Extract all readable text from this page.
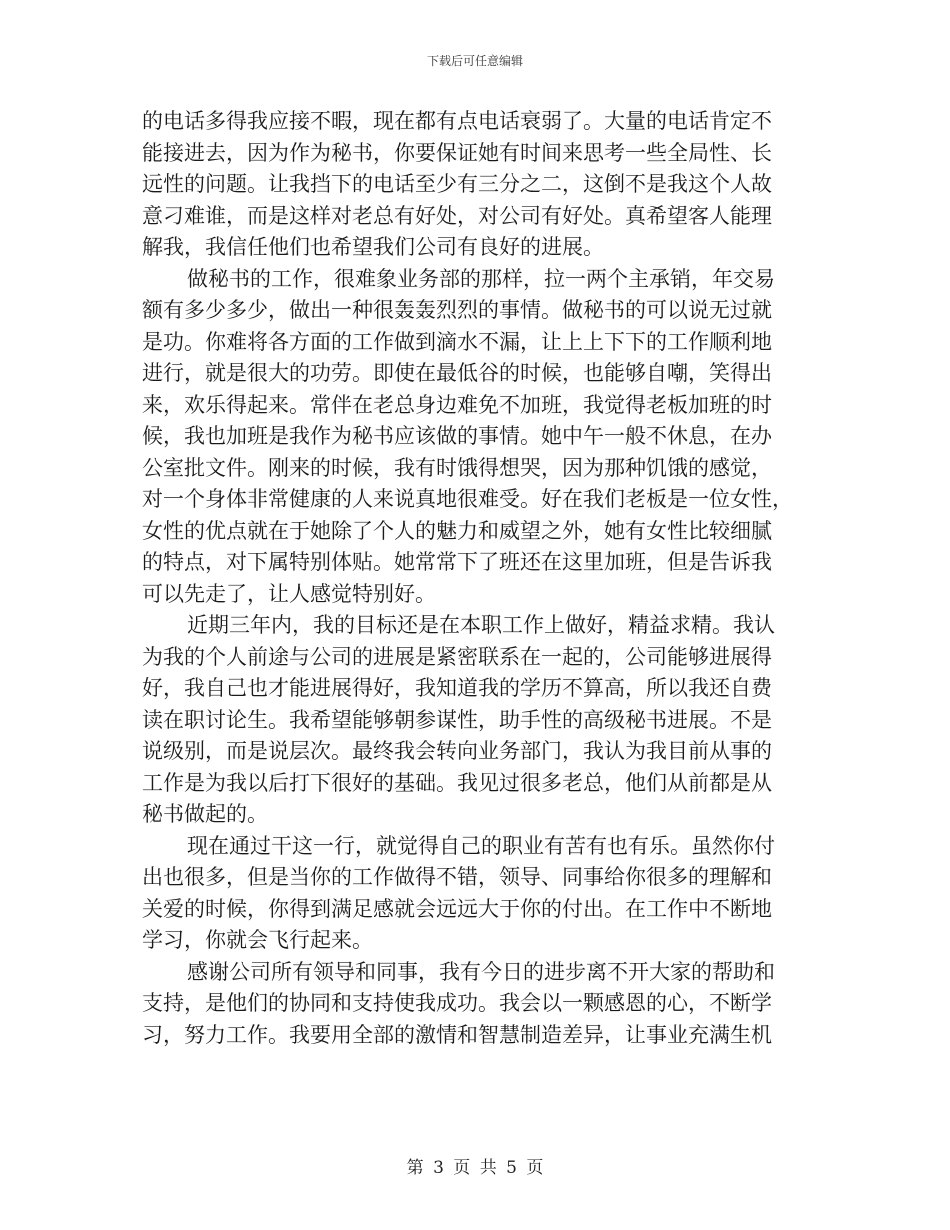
下载后可任意编辑
的电话多得我应接不暇，现在都有点电话衰弱了。大量的电话肯定不
能接进去，因为作为秘书，你要保证她有时间来思考一些全局性、长
远性的问题。让我挡下的电话至少有三分之二，这倒不是我这个人故
意刁难谁，而是这样对老总有好处，对公司有好处。真希望客人能理
解我，我信任他们也希望我们公司有良好的进展。
做秘书的工作，很难象业务部的那样，拉一两个主承销，年交易
额有多少多少，做出一种很轰轰烈烈的事情。做秘书的可以说无过就
是功。你难将各方面的工作做到滴水不漏，让上上下下的工作顺利地
进行，就是很大的功劳。即使在最低谷的时候，也能够自嘲，笑得出
来，欢乐得起来。常伴在老总身边难免不加班，我觉得老板加班的时
候，我也加班是我作为秘书应该做的事情。她中午一般不休息，在办
公室批文件。刚来的时候，我有时饿得想哭，因为那种饥饿的感觉，
对一个身体非常健康的人来说真地很难受。好在我们老板是一位女性，
女性的优点就在于她除了个人的魅力和威望之外，她有女性比较细腻
的特点，对下属特别体贴。她常常下了班还在这里加班，但是告诉我
可以先走了，让人感觉特别好。
近期三年内，我的目标还是在本职工作上做好，精益求精。我认
为我的个人前途与公司的进展是紧密联系在一起的，公司能够进展得
好，我自己也才能进展得好，我知道我的学历不算高，所以我还自费
读在职讨论生。我希望能够朝参谋性，助手性的高级秘书进展。不是
说级别，而是说层次。最终我会转向业务部门，我认为我目前从事的
工作是为我以后打下很好的基础。我见过很多老总，他们从前都是从
秘书做起的。
现在通过干这一行，就觉得自己的职业有苦有也有乐。虽然你付
出也很多，但是当你的工作做得不错，领导、同事给你很多的理解和
关爱的时候，你得到满足感就会远远大于你的付出。在工作中不断地
学习，你就会飞行起来。
感谢公司所有领导和同事，我有今日的进步离不开大家的帮助和
支持，是他们的协同和支持使我成功。我会以一颗感恩的心，不断学
习，努力工作。我要用全部的激情和智慧制造差异，让事业充满生机
第 3 页 共 5 页
